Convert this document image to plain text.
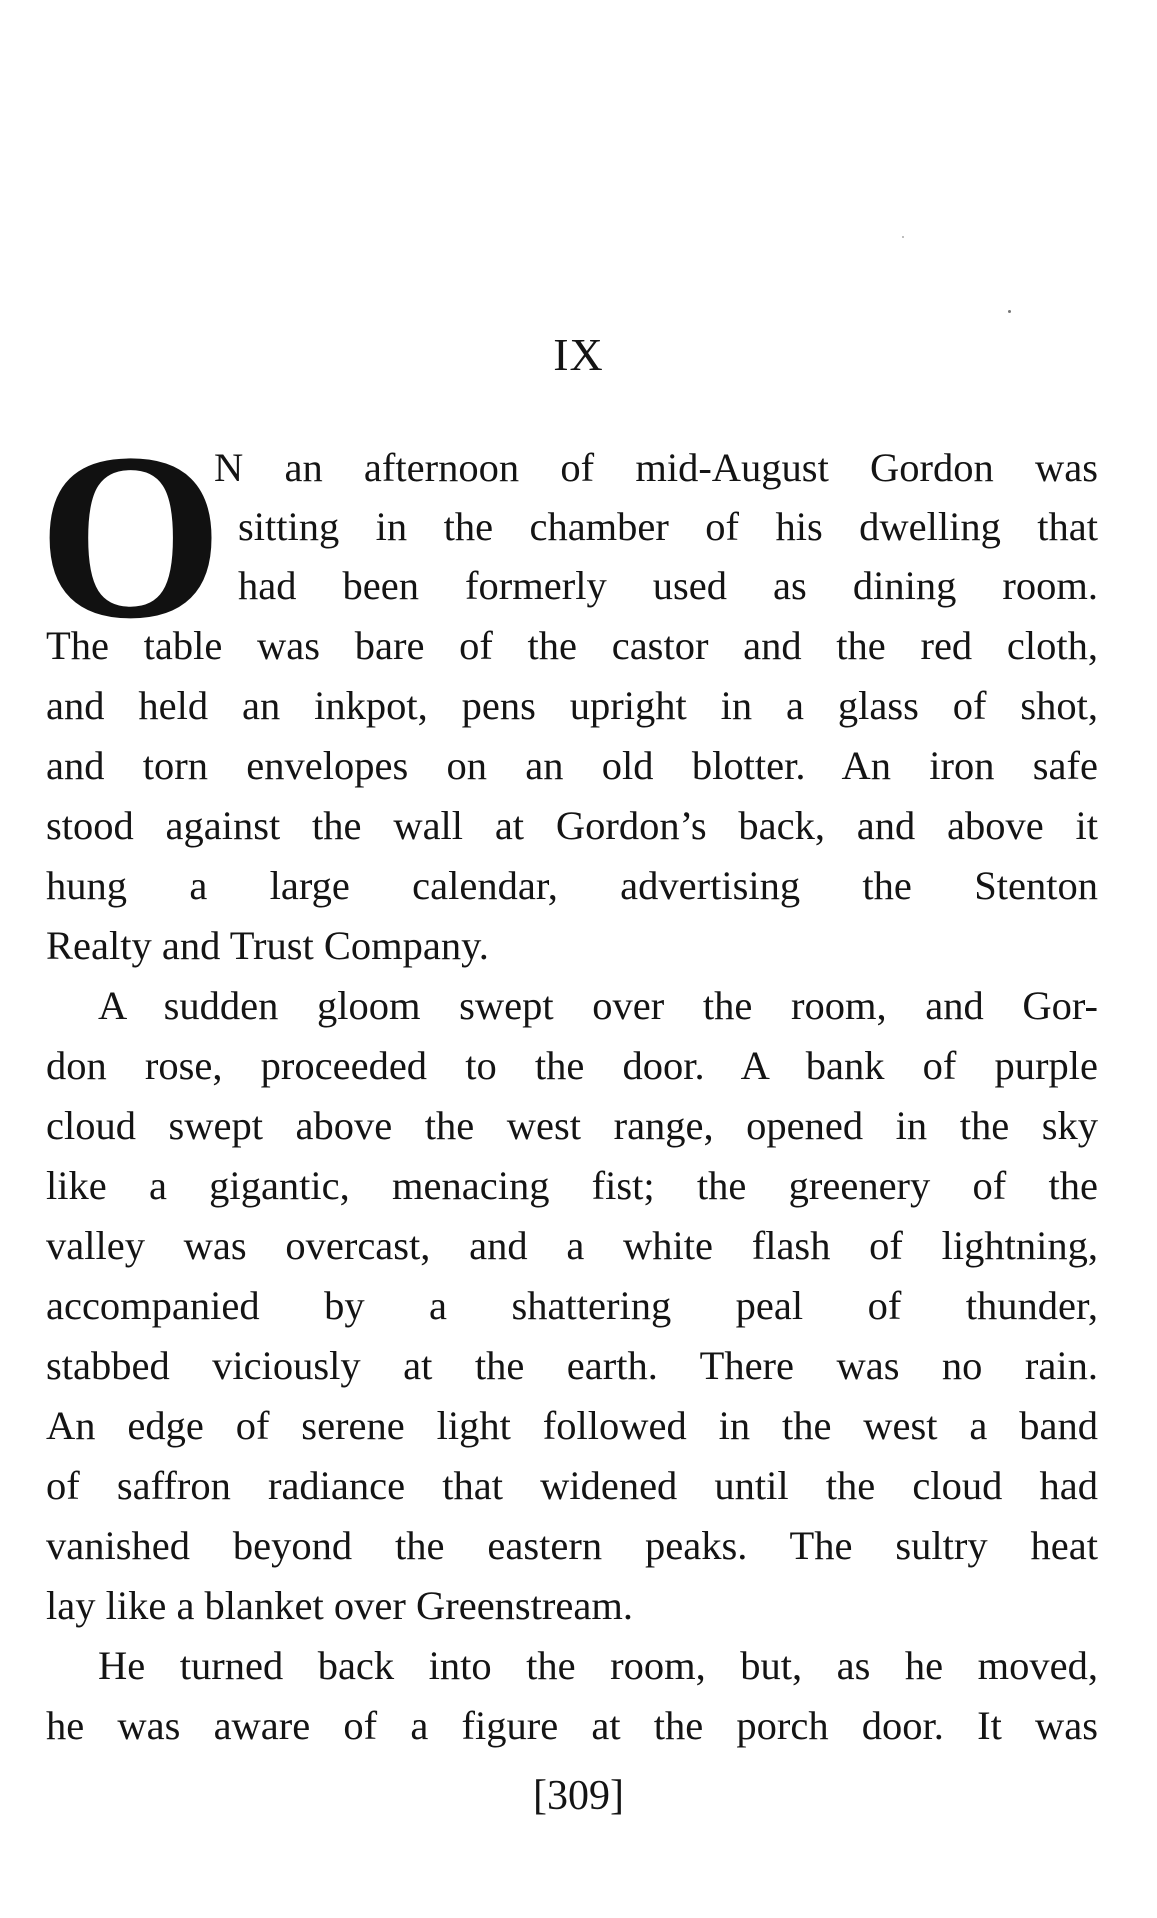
IX
O
N an afternoon of mid-August Gordon was
sitting in the chamber of his dwelling that
had been formerly used as dining room.
The table was bare of the castor and the red cloth,
and held an inkpot, pens upright in a glass of shot,
and torn envelopes on an old blotter. An iron safe
stood against the wall at Gordon’s back, and above it
hung a large calendar, advertising the Stenton
Realty and Trust Company.
A sudden gloom swept over the room, and Gor-
don rose, proceeded to the door. A bank of purple
cloud swept above the west range, opened in the sky
like a gigantic, menacing fist; the greenery of the
valley was overcast, and a white flash of lightning,
accompanied by a shattering peal of thunder,
stabbed viciously at the earth. There was no rain.
An edge of serene light followed in the west a band
of saffron radiance that widened until the cloud had
vanished beyond the eastern peaks. The sultry heat
lay like a blanket over Greenstream.
He turned back into the room, but, as he moved,
he was aware of a figure at the porch door. It was
[309]
